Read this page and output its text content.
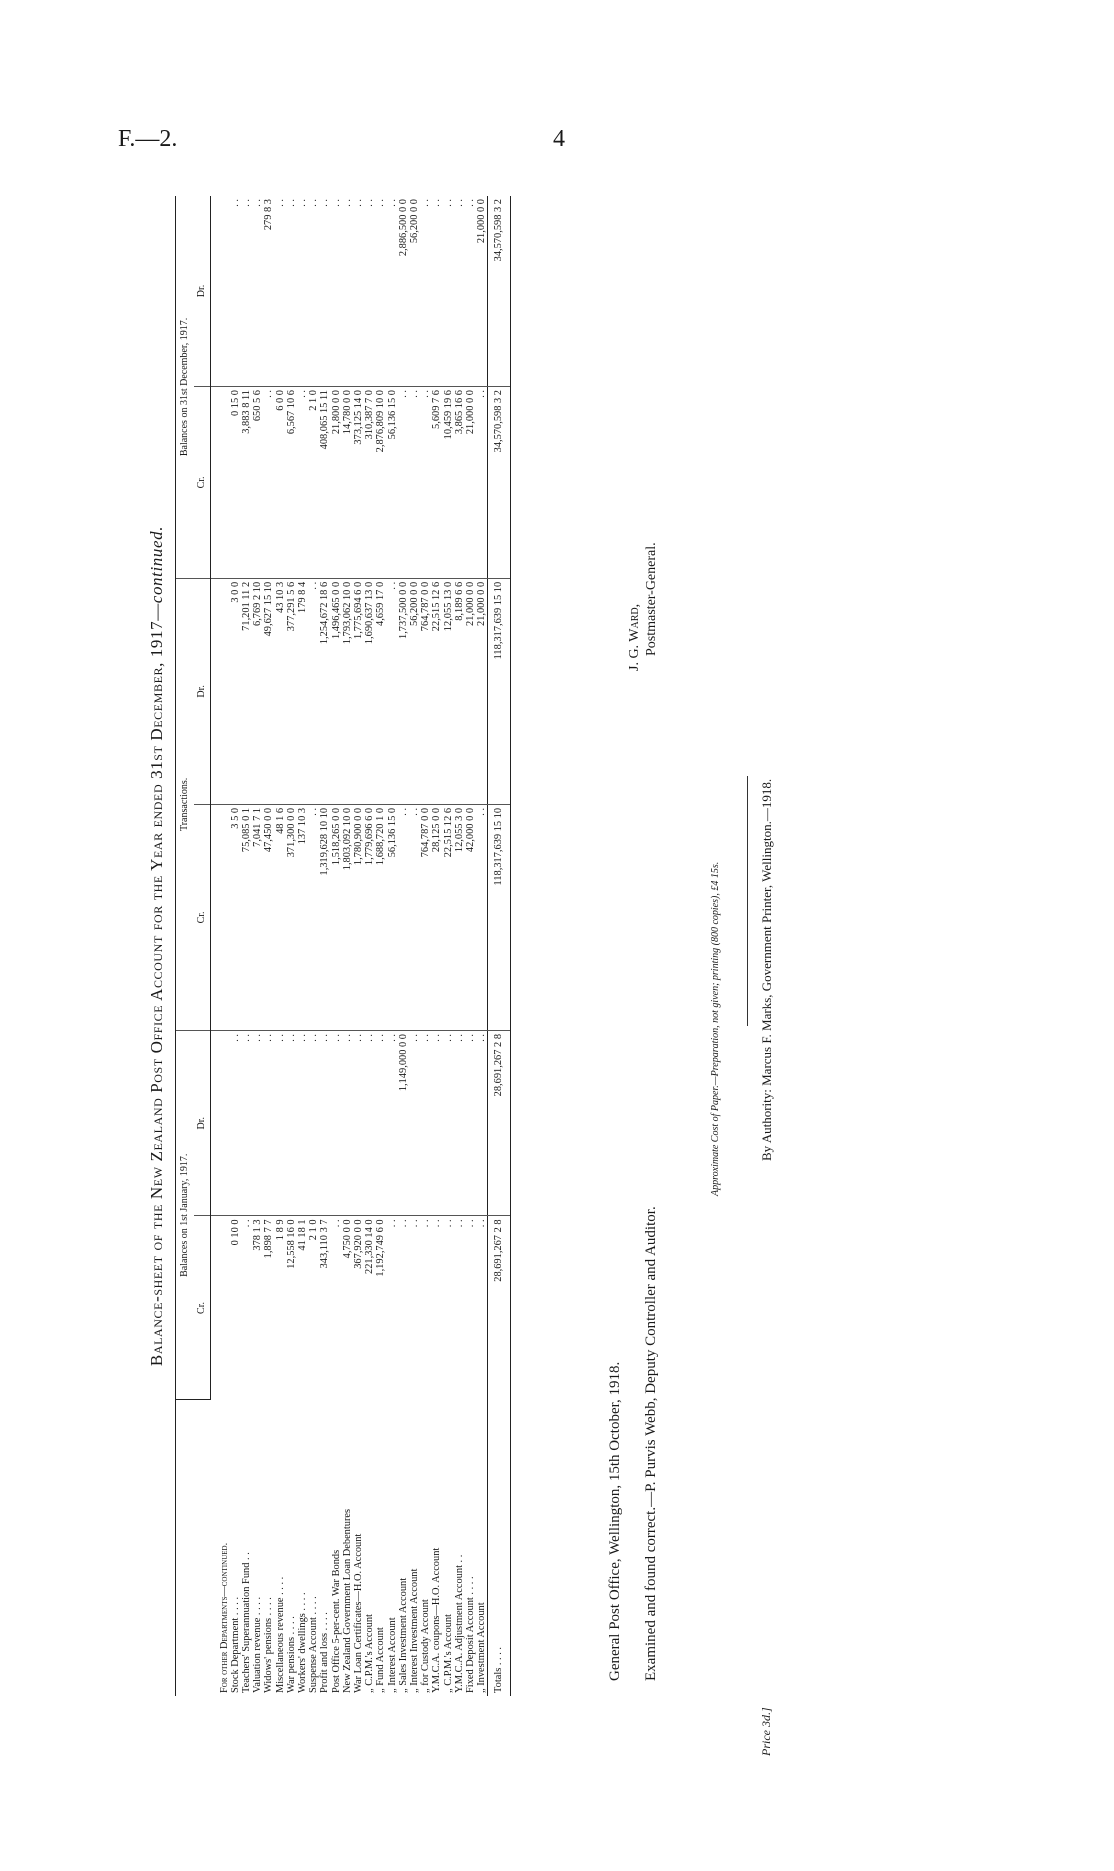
F.—2.	4
Balance-sheet of the New Zealand Post Office Account for the Year ended 31st December, 1917—continued.
	Balances on 1st January, 1917.		Transactions.		Balances on 31st December, 1917.	
	Cr.	Dr.	Cr.	Dr.	Cr.	Dr.
For other Departments—continued.						
Stock Department . . . .	0 10 0	. .	3 5 0	3 0 0	0 15 0	. .
Teachers' Superannuation Fund . .	. .	. .	75,085 0 1	71,201 11 2	3,883 8 11	. .
Valuation revenue . . . .	378 1 3	. .	7,041 7 1	6,769 2 10	650 5 6	. .
Widows' pensions . . . .	1,898 7 7	. .	47,450 0 0	49,627 15 10	. .	279 8 3
Miscellaneous revenue . . . .	1 8 9	. .	48 1 6	43 10 3	6 0 0	. .
War pensions . . . .	12,558 16 0	. .	371,300 0 0	377,291 5 6	6,567 10 6	. .
Workers' dwellings . . . .	41 18 1	. .	137 10 3	179 8 4	. .	. .
Suspense Account . . . .	2 1 0	. .	. .	. .	2 1 0	. .
Profit and loss . . . .	343,110 3 7	. .	1,319,628 10 10	1,254,672 18 6	408,065 15 11	. .
Post Office 5-per-cent. War Bonds	. .	. .	1,518,265 0 0	1,496,465 0 0	21,800 0 0	. .
New Zealand Government Loan Debentures	4,750 0 0	. .	1,803,092 10 0	1,793,062 10 0	14,780 0 0	. .
War Loan Certificates—H.O. Account	367,920 0 0	. .	1,780,900 0 0	1,775,694 6 0	373,125 14 0	. .
„ C.P.M.'s Account	221,330 14 0	. .	1,779,696 6 0	1,690,637 13 0	310,387 7 0	. .
„ Fund Account	1,192,749 6 0	. .	1,688,720 1 0	4,659 17 0	2,876,809 10 0	. .
„ Interest Account	. .	. .	56,136 15 0	. .	56,136 15 0	. .
„ Sales Investment Account	. .	1,149,000 0 0	. .	1,737,500 0 0	. .	2,886,500 0 0
„ Interest Investment Account	. .	. .	. .	56,200 0 0	. .	56,200 0 0
„ for Custody Account	. .	. .	764,787 0 0	764,787 0 0	. .	. .
Y.M.C.A. coupons—H.O. Account	. .	. .	28,125 0 0	22,515 12 6	5,609 7 6	. .
„ C.P.M.'s Account	. .	. .	22,515 12 6	12,055 13 0	10,459 19 6	. .
Y.M.C.A. Adjustment Account . .	. .	. .	12,055 3 0	8,189 6 6	3,865 16 6	. .
Fixed Deposit Account . . . .	. .	. .	42,000 0 0	21,000 0 0	21,000 0 0	. .
„ Investment Account	. .	. .	. .	21,000 0 0	. .	21,000 0 0
Totals . . . .	28,691,267 2 8	28,691,267 2 8	118,317,639 15 10	118,317,639 15 10	34,570,598 3 2	34,570,598 3 2
General Post Office, Wellington, 15th October, 1918. Examined and found correct.—P. Purvis Webb, Deputy Controller and Auditor.
J. G. Ward, Postmaster-General.
Approximate Cost of Paper.—Preparation, not given; printing (800 copies), £4 15s.	By Authority: Marcus F. Marks, Government Printer, Wellington.—1918.
Price 3d.]
